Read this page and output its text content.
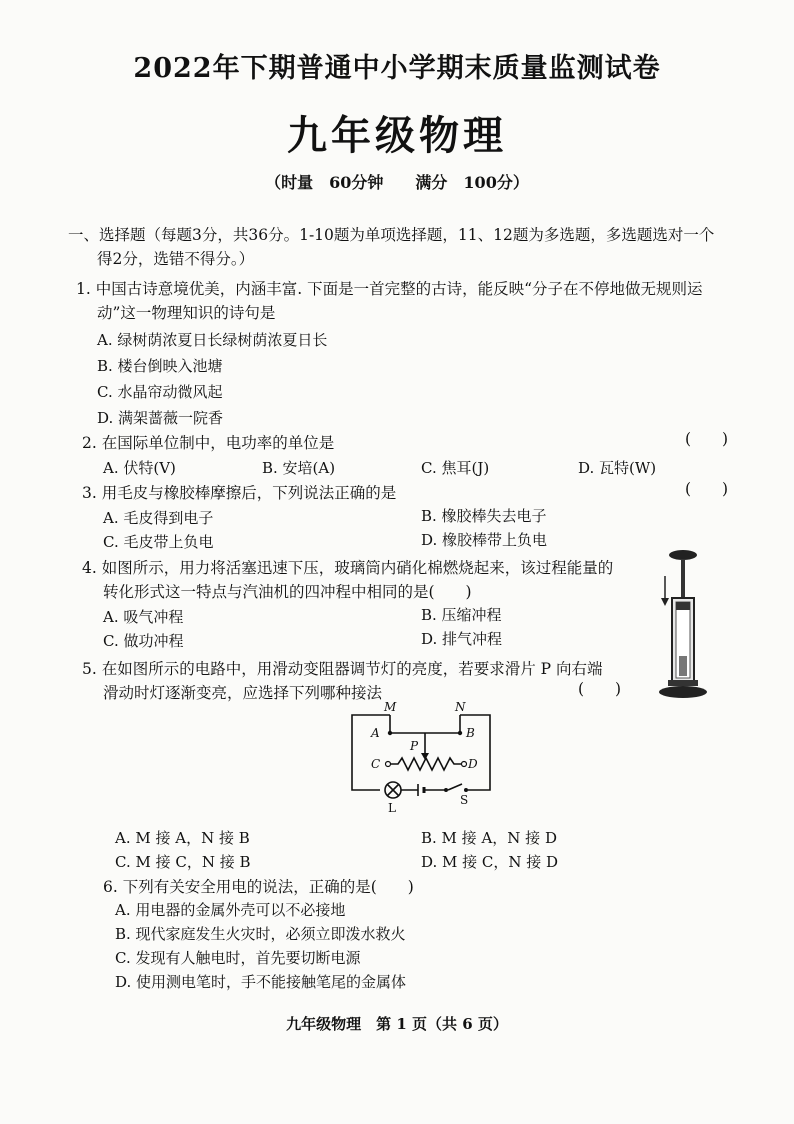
2022年下期普通中小学期末质量监测试卷
九年级物理
（时量　60分钟　　满分　100分）
一、选择题（每题3分，共36分。1-10题为单项选择题，11、12题为多选题，多选题选对一个
得2分，选错不得分。）
1. 中国古诗意境优美，内涵丰富. 下面是一首完整的古诗，能反映“分子在不停地做无规则运
动”这一物理知识的诗句是
A. 绿树荫浓夏日长绿树荫浓夏日长
B. 楼台倒映入池塘
C. 水晶帘动微风起
D. 满架蔷薇一院香
2. 在国际单位制中，电功率的单位是	(　　)
A. 伏特(V)	B. 安培(A)	C. 焦耳(J)	D. 瓦特(W)
3. 用毛皮与橡胶棒摩擦后，下列说法正确的是	(　　)
A. 毛皮得到电子	B. 橡胶棒失去电子
C. 毛皮带上负电	D. 橡胶棒带上负电
4. 如图所示，用力将活塞迅速下压，玻璃筒内硝化棉燃烧起来，该过程能量的
转化形式这一特点与汽油机的四冲程中相同的是(　　)
A. 吸气冲程	B. 压缩冲程
C. 做功冲程	D. 排气冲程
5. 在如图所示的电路中，用滑动变阻器调节灯的亮度，若要求滑片 P 向右端
滑动时灯逐渐变亮，应选择下列哪种接法	(　　)
M	N
A	B
P
C	D
L
S
A. M 接 A，N 接 B	B. M 接 A，N 接 D
C. M 接 C，N 接 B	D. M 接 C，N 接 D
6. 下列有关安全用电的说法，正确的是(　　)
A. 用电器的金属外壳可以不必接地
B. 现代家庭发生火灾时，必须立即泼水救火
C. 发现有人触电时，首先要切断电源
D. 使用测电笔时，手不能接触笔尾的金属体
九年级物理　第 1 页（共 6 页）
